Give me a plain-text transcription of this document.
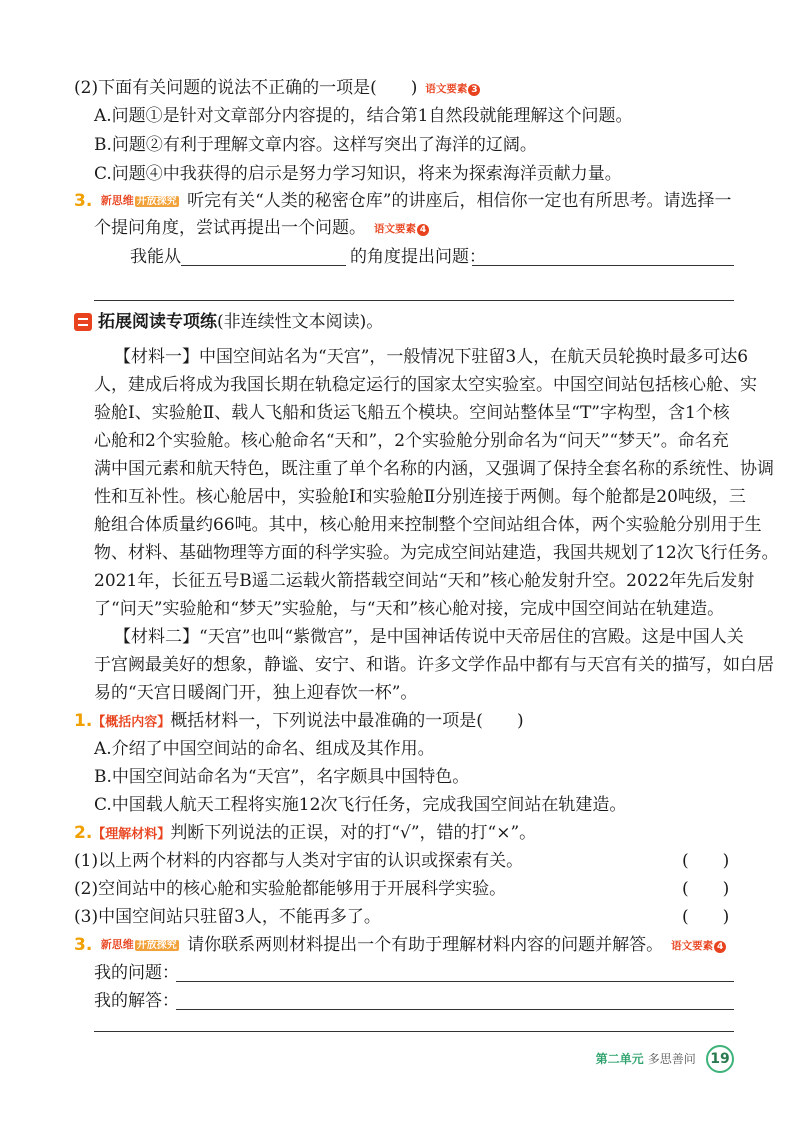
(2)下面有关问题的说法不正确的一项是(　　) 语文要素 3
A.问题①是针对文章部分内容提的，结合第1自然段就能理解这个问题。
B.问题②有利于理解文章内容。这样写突出了海洋的辽阔。
C.问题④中我获得的启示是努力学习知识，将来为探索海洋贡献力量。
3. 新思维 开放探究 听完有关“人类的秘密仓库”的讲座后，相信你一定也有所思考。请选择一
个提问角度，尝试再提出一个问题。 语文要素 4
我能从	的角度提出问题：
拓展阅读专项练(非连续性文本阅读)。
【材料一】中国空间站名为“天宫”，一般情况下驻留3人，在航天员轮换时最多可达6
人，建成后将成为我国长期在轨稳定运行的国家太空实验室。中国空间站包括核心舱、实
验舱Ⅰ、实验舱Ⅱ、载人飞船和货运飞船五个模块。空间站整体呈“T”字构型，含1个核
心舱和2个实验舱。核心舱命名“天和”，2个实验舱分别命名为“问天”“梦天”。命名充
满中国元素和航天特色，既注重了单个名称的内涵，又强调了保持全套名称的系统性、协调
性和互补性。核心舱居中，实验舱Ⅰ和实验舱Ⅱ分别连接于两侧。每个舱都是20吨级，三
舱组合体质量约66吨。其中，核心舱用来控制整个空间站组合体，两个实验舱分别用于生
物、材料、基础物理等方面的科学实验。为完成空间站建造，我国共规划了12次飞行任务。
2021年，长征五号B遥二运载火箭搭载空间站“天和”核心舱发射升空。2022年先后发射
了“问天”实验舱和“梦天”实验舱，与“天和”核心舱对接，完成中国空间站在轨建造。
【材料二】“天宫”也叫“紫微宫”，是中国神话传说中天帝居住的宫殿。这是中国人关
于宫阙最美好的想象，静谧、安宁、和谐。许多文学作品中都有与天宫有关的描写，如白居
易的“天宫日暖阁门开，独上迎春饮一杯”。
1.【概括内容】概括材料一，下列说法中最准确的一项是(　　)
A.介绍了中国空间站的命名、组成及其作用。
B.中国空间站命名为“天宫”，名字颇具中国特色。
C.中国载人航天工程将实施12次飞行任务，完成我国空间站在轨建造。
2.【理解材料】判断下列说法的正误，对的打“√”，错的打“×”。
(1)以上两个材料的内容都与人类对宇宙的认识或探索有关。	(　　)
(2)空间站中的核心舱和实验舱都能够用于开展科学实验。	(　　)
(3)中国空间站只驻留3人，不能再多了。	(　　)
3. 新思维 开放探究 请你联系两则材料提出一个有助于理解材料内容的问题并解答。 语文要素 4
我的问题：
我的解答：
第二单元 多思善问 19
